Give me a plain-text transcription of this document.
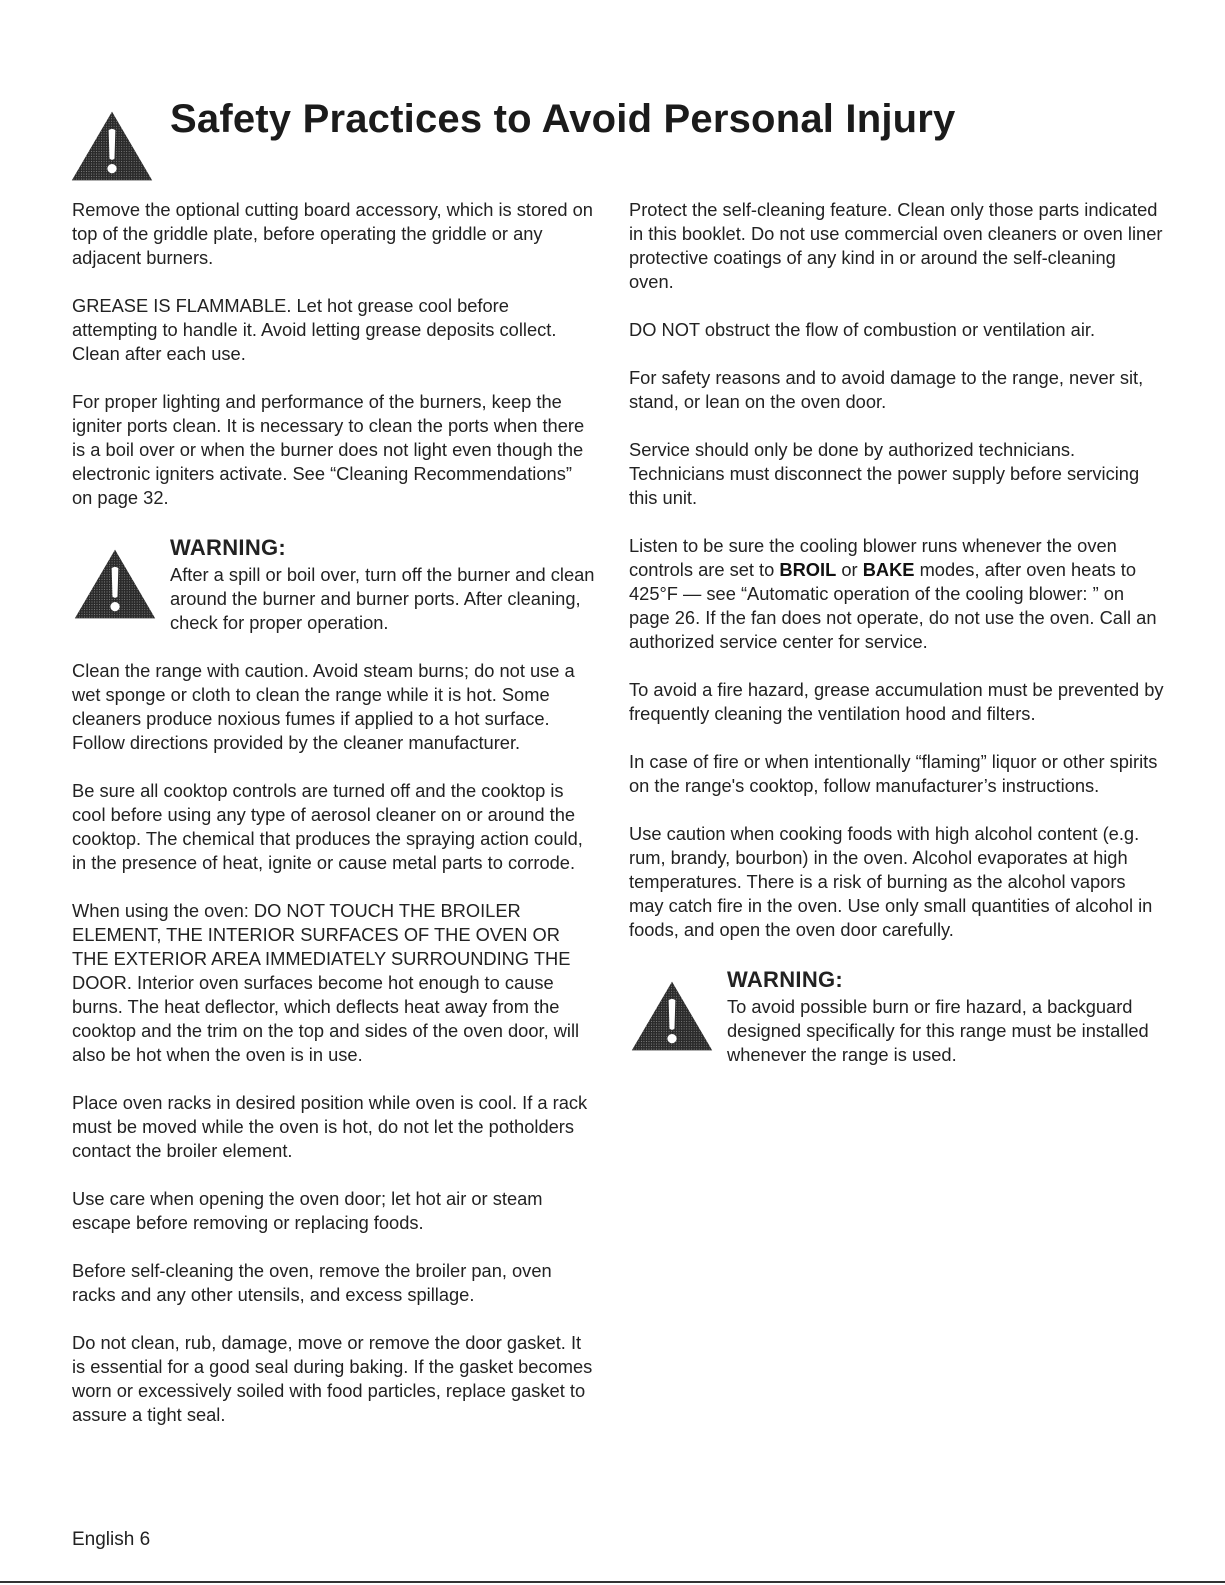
Safety Practices to Avoid Personal Injury

Remove the optional cutting board accessory, which is stored on top of the griddle plate, before operating the griddle or any adjacent burners.

GREASE IS FLAMMABLE. Let hot grease cool before attempting to handle it. Avoid letting grease deposits collect. Clean after each use.

For proper lighting and performance of the burners, keep the igniter ports clean. It is necessary to clean the ports when there is a boil over or when the burner does not light even though the electronic igniters activate. See “Cleaning Recommendations” on page 32.

WARNING:
After a spill or boil over, turn off the burner and clean around the burner and burner ports. After cleaning, check for proper operation.

Clean the range with caution. Avoid steam burns; do not use a wet sponge or cloth to clean the range while it is hot. Some cleaners produce noxious fumes if applied to a hot surface. Follow directions provided by the cleaner manufacturer.

Be sure all cooktop controls are turned off and the cooktop is cool before using any type of aerosol cleaner on or around the cooktop. The chemical that produces the spraying action could, in the presence of heat, ignite or cause metal parts to corrode.

When using the oven: DO NOT TOUCH THE BROILER ELEMENT, THE INTERIOR SURFACES OF THE OVEN OR THE EXTERIOR AREA IMMEDIATELY SURROUNDING THE DOOR. Interior oven surfaces become hot enough to cause burns. The heat deflector, which deflects heat away from the cooktop and the trim on the top and sides of the oven door, will also be hot when the oven is in use.

Place oven racks in desired position while oven is cool. If a rack must be moved while the oven is hot, do not let the potholders contact the broiler element.

Use care when opening the oven door; let hot air or steam escape before removing or replacing foods.

Before self-cleaning the oven, remove the broiler pan, oven racks and any other utensils, and excess spillage.

Do not clean, rub, damage, move or remove the door gasket. It is essential for a good seal during baking. If the gasket becomes worn or excessively soiled with food particles, replace gasket to assure a tight seal.

Protect the self-cleaning feature. Clean only those parts indicated in this booklet. Do not use commercial oven cleaners or oven liner protective coatings of any kind in or around the self-cleaning oven.

DO NOT obstruct the flow of combustion or ventilation air.

For safety reasons and to avoid damage to the range, never sit, stand, or lean on the oven door.

Service should only be done by authorized technicians. Technicians must disconnect the power supply before servicing this unit.

Listen to be sure the cooling blower runs whenever the oven controls are set to BROIL or BAKE modes, after oven heats to 425°F — see “Automatic operation of the cooling blower: ” on page 26. If the fan does not operate, do not use the oven. Call an authorized service center for service.

To avoid a fire hazard, grease accumulation must be prevented by frequently cleaning the ventilation hood and filters.

In case of fire or when intentionally “flaming” liquor or other spirits on the range's cooktop, follow manufacturer’s instructions.

Use caution when cooking foods with high alcohol content (e.g. rum, brandy, bourbon) in the oven. Alcohol evaporates at high temperatures. There is a risk of burning as the alcohol vapors may catch fire in the oven. Use only small quantities of alcohol in foods, and open the oven door carefully.

WARNING:
To avoid possible burn or fire hazard, a backguard designed specifically for this range must be installed whenever the range is used.
English 6
